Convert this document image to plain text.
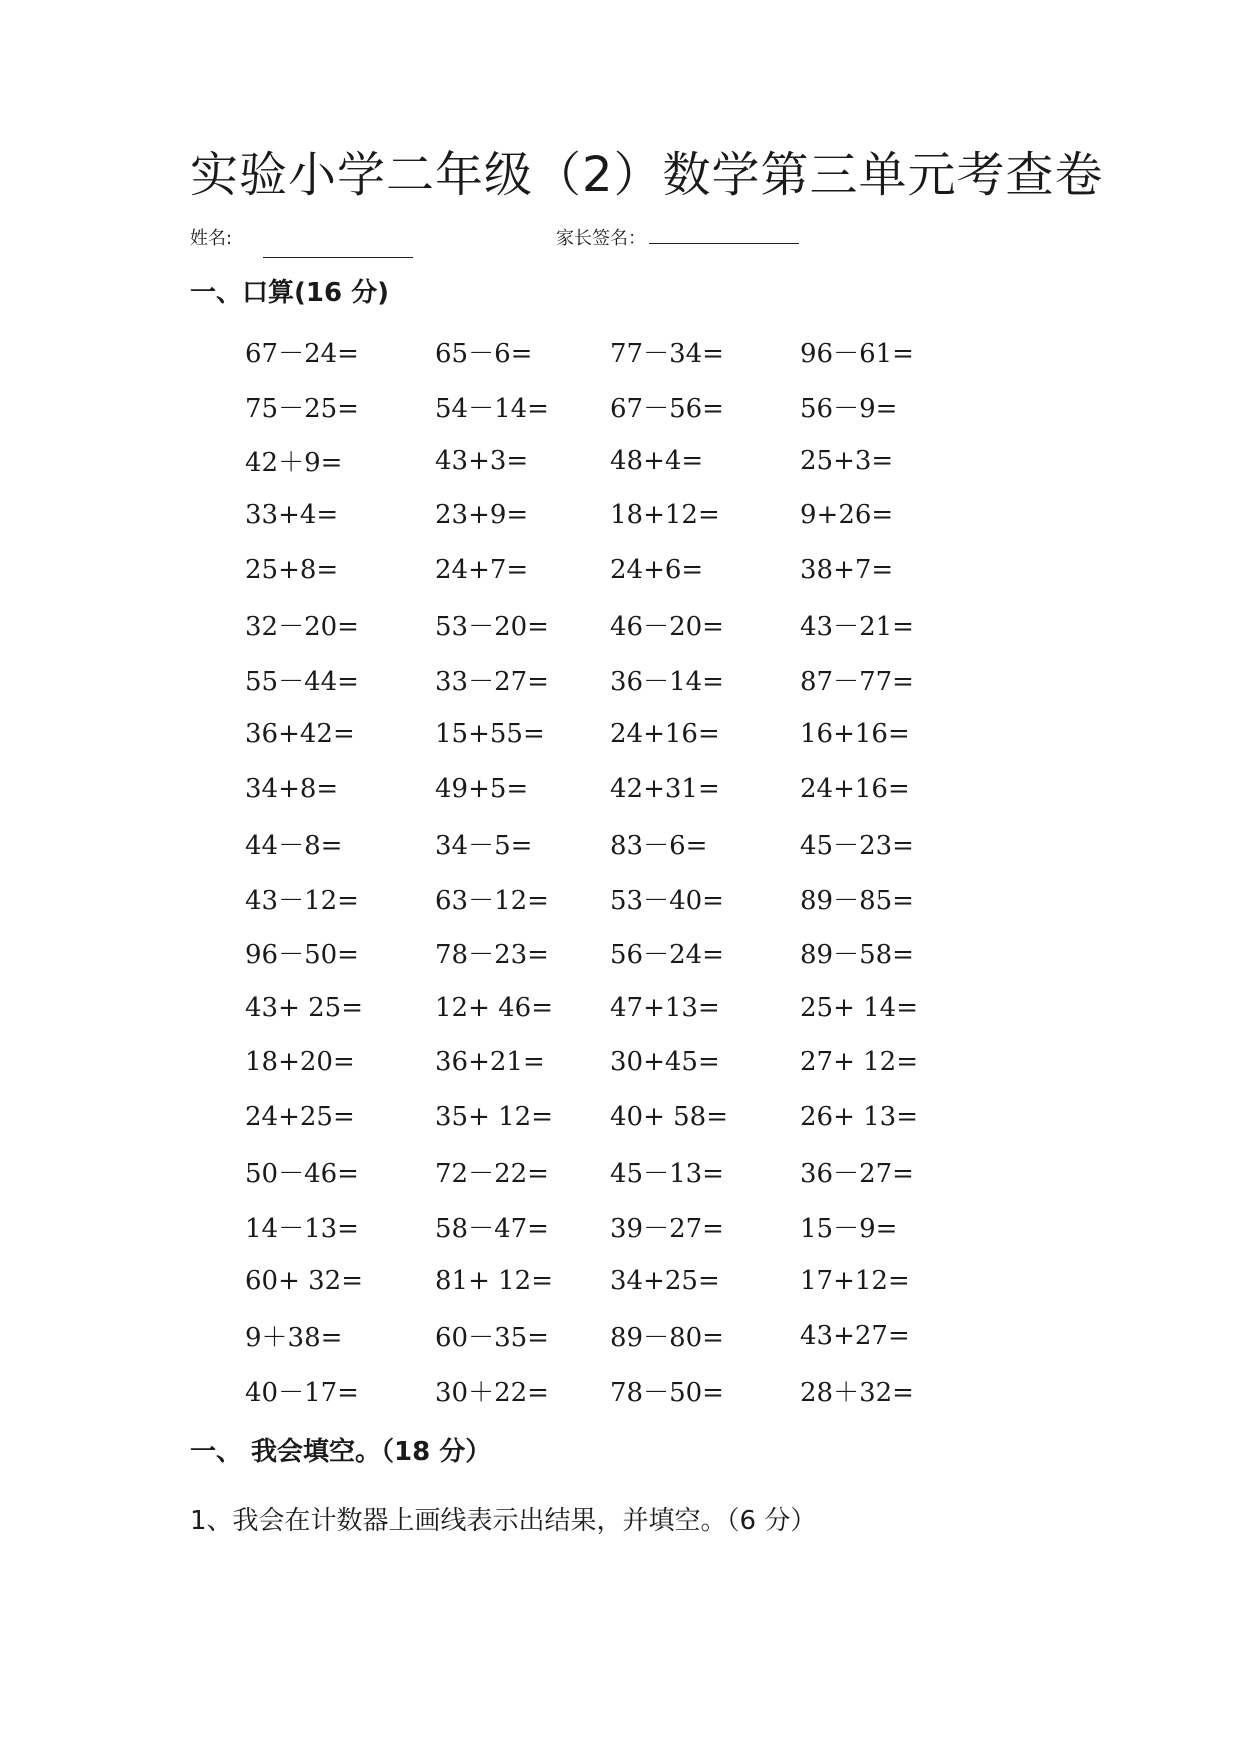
实验小学二年级（2）数学第三单元考查卷
姓名:	家长签名：
一、口算(16 分)
67－24=	65－6=	77－34=	96－61=
75－25=	54－14=	67－56=	56－9=
42＋9=	43+3=	48+4=	25+3=
33+4=	23+9=	18+12=	9+26=
25+8=	24+7=	24+6=	38+7=
32－20=	53－20=	46－20=	43－21=
55－44=	33－27=	36－14=	87－77=
36+42=	15+55=	24+16=	16+16=
34+8=	49+5=	42+31=	24+16=
44－8=	34－5=	83－6=	45－23=
43－12=	63－12=	53－40=	89－85=
96－50=	78－23=	56－24=	89－58=
43+ 25=	12+ 46=	47+13=	25+ 14=
18+20=	36+21=	30+45=	27+ 12=
24+25=	35+ 12=	40+ 58=	26+ 13=
50－46=	72－22=	45－13=	36－27=
14－13=	58－47=	39－27=	15－9=
60+ 32=	81+ 12=	34+25=	17+12=
9＋38=	60－35=	89－80=	43+27=
40－17=	30＋22=	78－50=	28＋32=
一、 我会填空。（18 分）
1、我会在计数器上画线表示出结果，并填空。（6 分）
